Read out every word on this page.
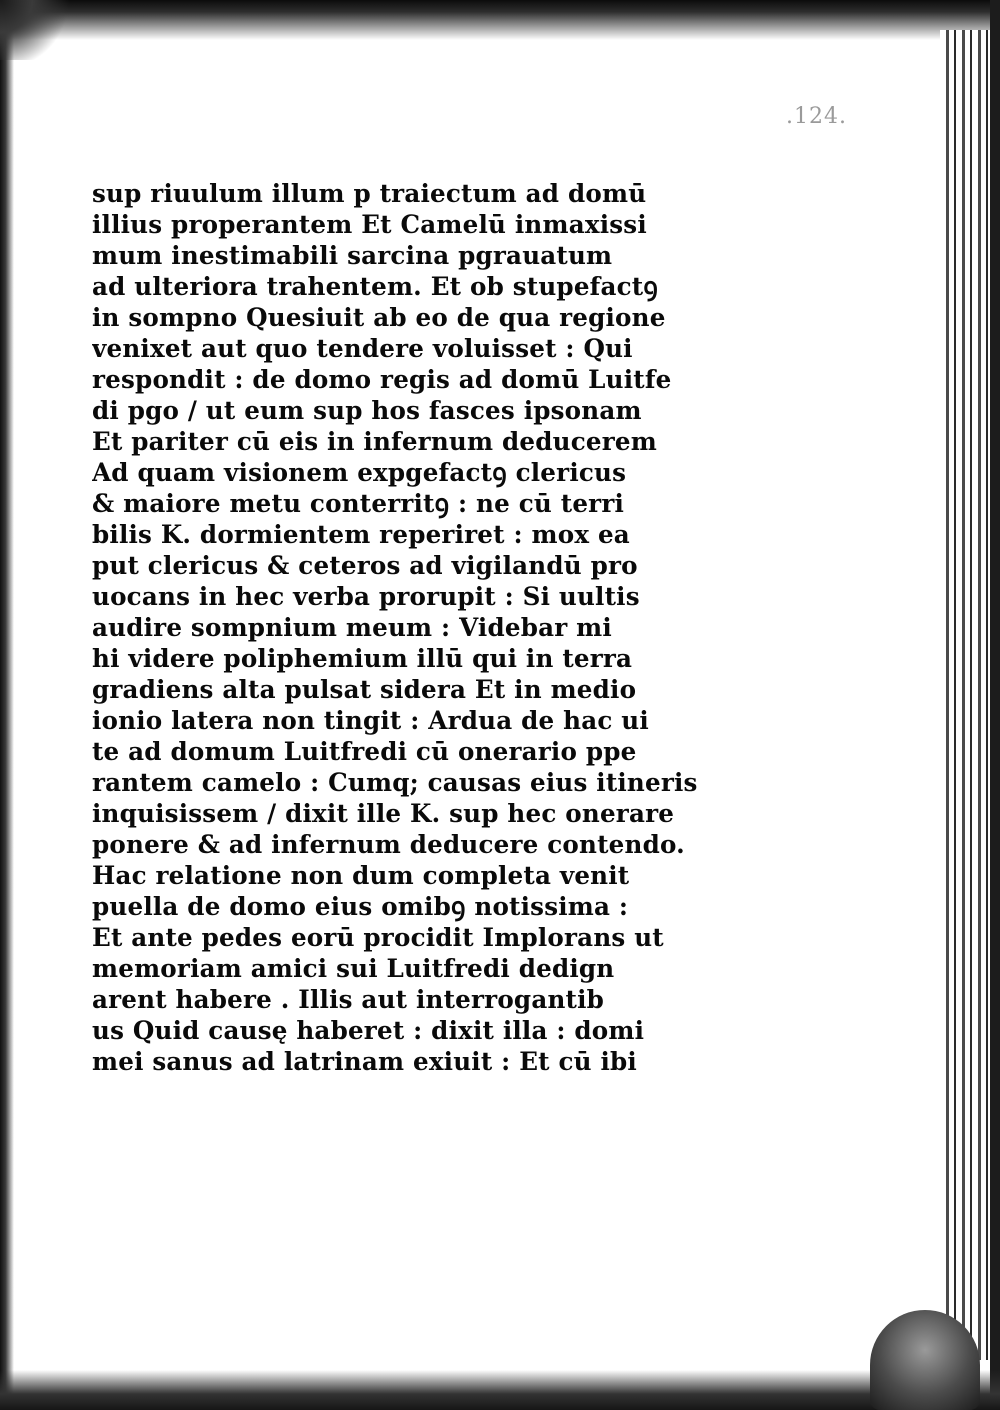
.124.
sup riuulum illum p traiectum ad domū
illius properantem Et Camelū inmaxissi
mum inestimabili sarcina pgrauatum
ad ulteriora trahentem. Et ob stupefactꝯ
in sompno Quesiuit ab eo de qua regione
venixet aut quo tendere voluisset : Qui
respondit : de domo regis ad domū Luitfe
di pgo / ut eum sup hos fasces ipsonam
Et pariter cū eis in infernum deducerem
Ad quam visionem expgefactꝯ clericus
& maiore metu conterritꝯ : ne cū terri
bilis K. dormientem reperiret : mox ea
put clericus & ceteros ad vigilandū pro
uocans in hec verba prorupit : Si uultis
audire sompnium meum : Videbar mi
hi videre poliphemium illū qui in terra
gradiens alta pulsat sidera Et in medio
ionio latera non tingit : Ardua de hac ui
te ad domum Luitfredi cū onerario ppe
rantem camelo : Cumq; causas eius itineris
inquisissem / dixit ille K. sup hec onerare
ponere & ad infernum deducere contendo.
Hac relatione non dum completa venit
puella de domo eius omibꝯ notissima :
Et ante pedes eorū procidit Implorans ut
memoriam amici sui Luitfredi dedign
arent habere . Illis aut interrogantib
us Quid causę haberet : dixit illa : domi
mei sanus ad latrinam exiuit : Et cū ibi
